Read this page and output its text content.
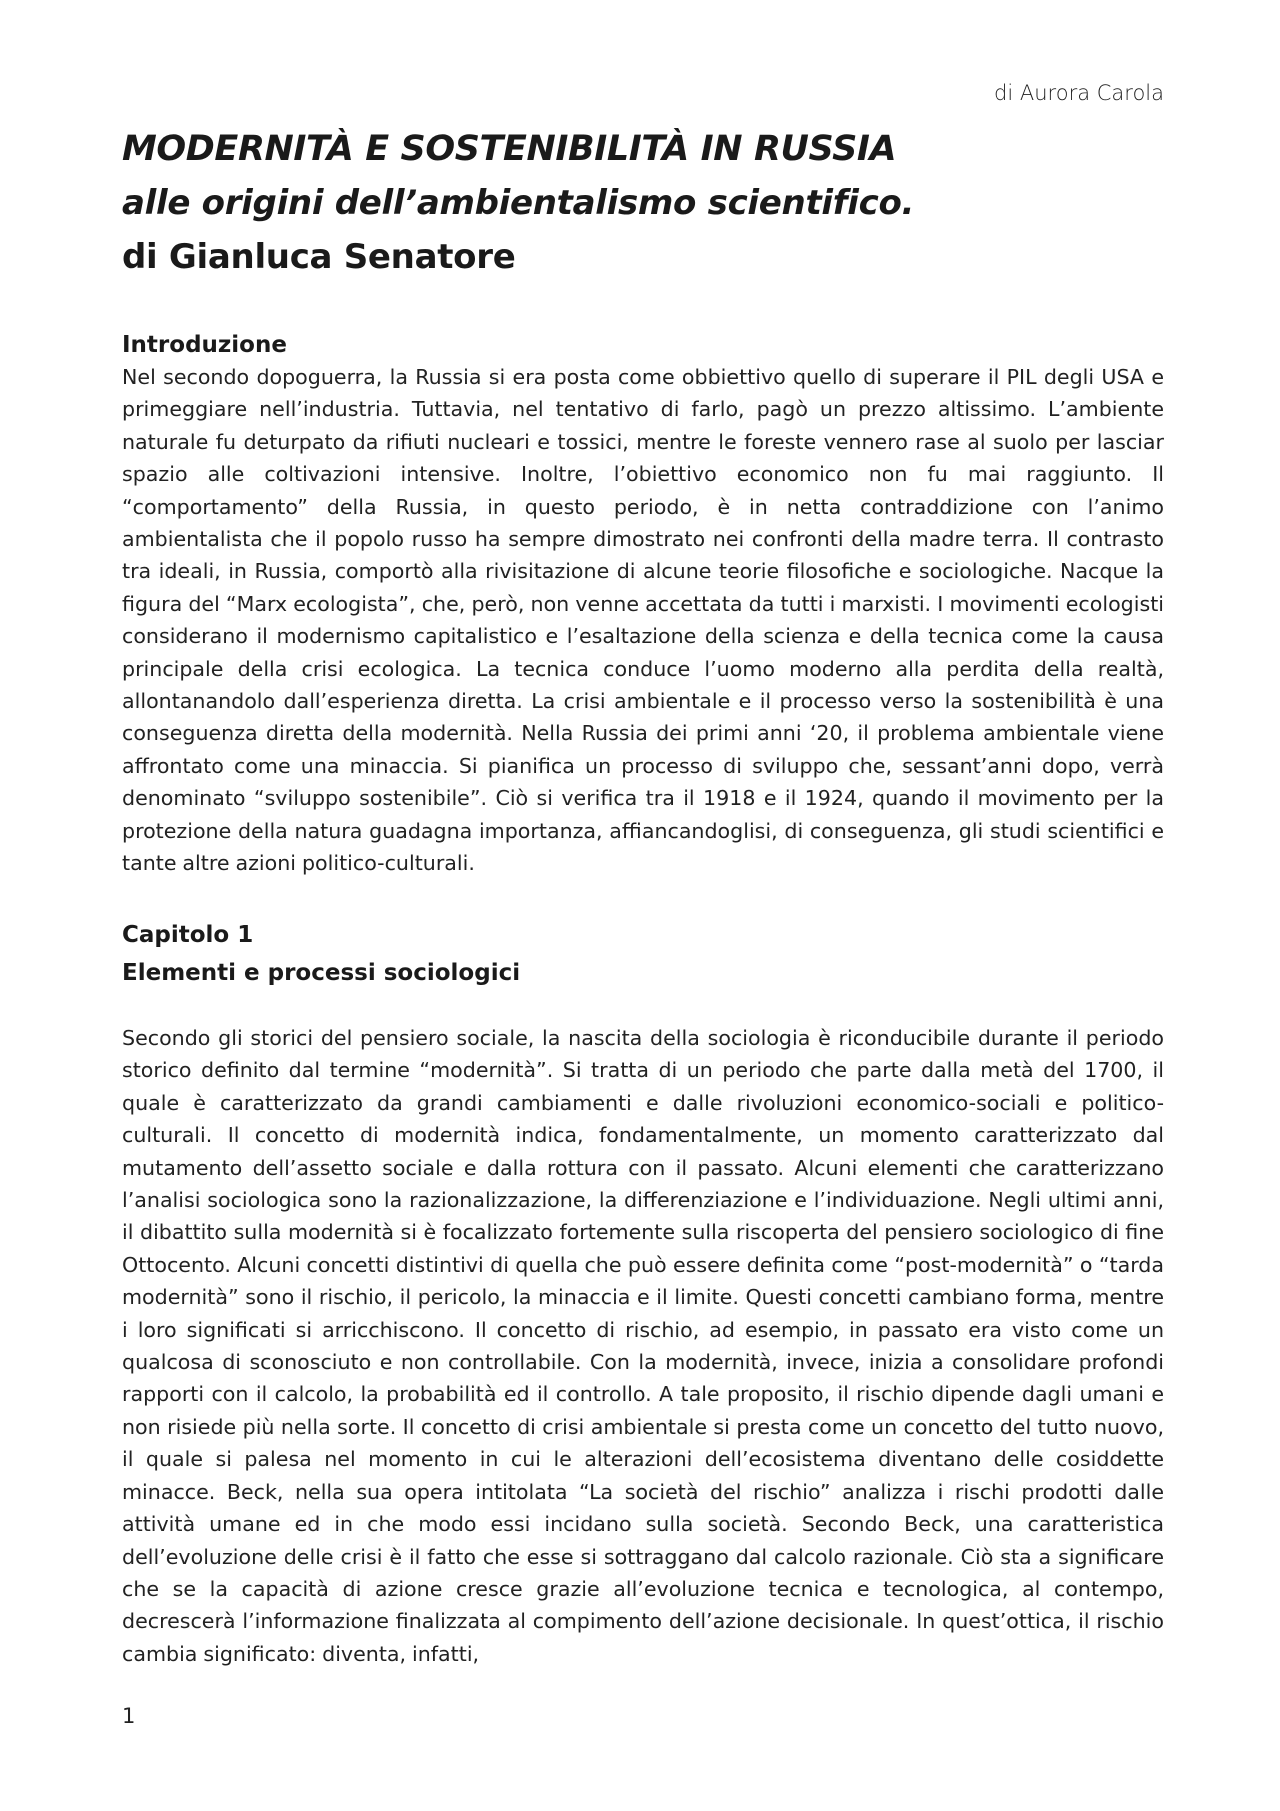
di Aurora Carola
MODERNITÀ E SOSTENIBILITÀ IN RUSSIA
alle origini dell’ambientalismo scientifico.
di Gianluca Senatore
Introduzione

Nel secondo dopoguerra, la Russia si era posta come obbiettivo quello di superare il PIL degli USA e primeggiare nell’industria. Tuttavia, nel tentativo di farlo, pagò un prezzo altissimo. L’ambiente naturale fu deturpato da rifiuti nucleari e tossici, mentre le foreste vennero rase al suolo per lasciar spazio alle coltivazioni intensive. Inoltre, l’obiettivo economico non fu mai raggiunto. Il “comportamento” della Russia, in questo periodo, è in netta contraddizione con l’animo ambientalista che il popolo russo ha sempre dimostrato nei confronti della madre terra. Il contrasto tra ideali, in Russia, comportò alla rivisitazione di alcune teorie filosofiche e sociologiche. Nacque la figura del “Marx ecologista”, che, però, non venne accettata da tutti i marxisti. I movimenti ecologisti considerano il modernismo capitalistico e l’esaltazione della scienza e della tecnica come la causa principale della crisi ecologica. La tecnica conduce l’uomo moderno alla perdita della realtà, allontanandolo dall’esperienza diretta. La crisi ambientale e il processo verso la sostenibilità è una conseguenza diretta della modernità. Nella Russia dei primi anni ‘20, il problema ambientale viene affrontato come una minaccia. Si pianifica un processo di sviluppo che, sessant’anni dopo, verrà denominato “sviluppo sostenibile”. Ciò si verifica tra il 1918 e il 1924, quando il movimento per la protezione della natura guadagna importanza, affiancandoglisi, di conseguenza, gli studi scientifici e tante altre azioni politico-culturali.

Capitolo 1
Elementi e processi sociologici

Secondo gli storici del pensiero sociale, la nascita della sociologia è riconducibile durante il periodo storico definito dal termine “modernità”. Si tratta di un periodo che parte dalla metà del 1700, il quale è caratterizzato da grandi cambiamenti e dalle rivoluzioni economico-sociali e politico-culturali. Il concetto di modernità indica, fondamentalmente, un momento caratterizzato dal mutamento dell’assetto sociale e dalla rottura con il passato. Alcuni elementi che caratterizzano l’analisi sociologica sono la razionalizzazione, la differenziazione e l’individuazione. Negli ultimi anni, il dibattito sulla modernità si è focalizzato fortemente sulla riscoperta del pensiero sociologico di fine Ottocento. Alcuni concetti distintivi di quella che può essere definita come “post-modernità” o “tarda modernità” sono il rischio, il pericolo, la minaccia e il limite. Questi concetti cambiano forma, mentre i loro significati si arricchiscono. Il concetto di rischio, ad esempio, in passato era visto come un qualcosa di sconosciuto e non controllabile. Con la modernità, invece, inizia a consolidare profondi rapporti con il calcolo, la probabilità ed il controllo. A tale proposito, il rischio dipende dagli umani e non risiede più nella sorte. Il concetto di crisi ambientale si presta come un concetto del tutto nuovo, il quale si palesa nel momento in cui le alterazioni dell’ecosistema diventano delle cosiddette minacce. Beck, nella sua opera intitolata “La società del rischio” analizza i rischi prodotti dalle attività umane ed in che modo essi incidano sulla società. Secondo Beck, una caratteristica dell’evoluzione delle crisi è il fatto che esse si sottraggano dal calcolo razionale. Ciò sta a significare che se la capacità di azione cresce grazie all’evoluzione tecnica e tecnologica, al contempo, decrescerà l’informazione finalizzata al compimento dell’azione decisionale. In quest’ottica, il rischio cambia significato: diventa, infatti,

1
